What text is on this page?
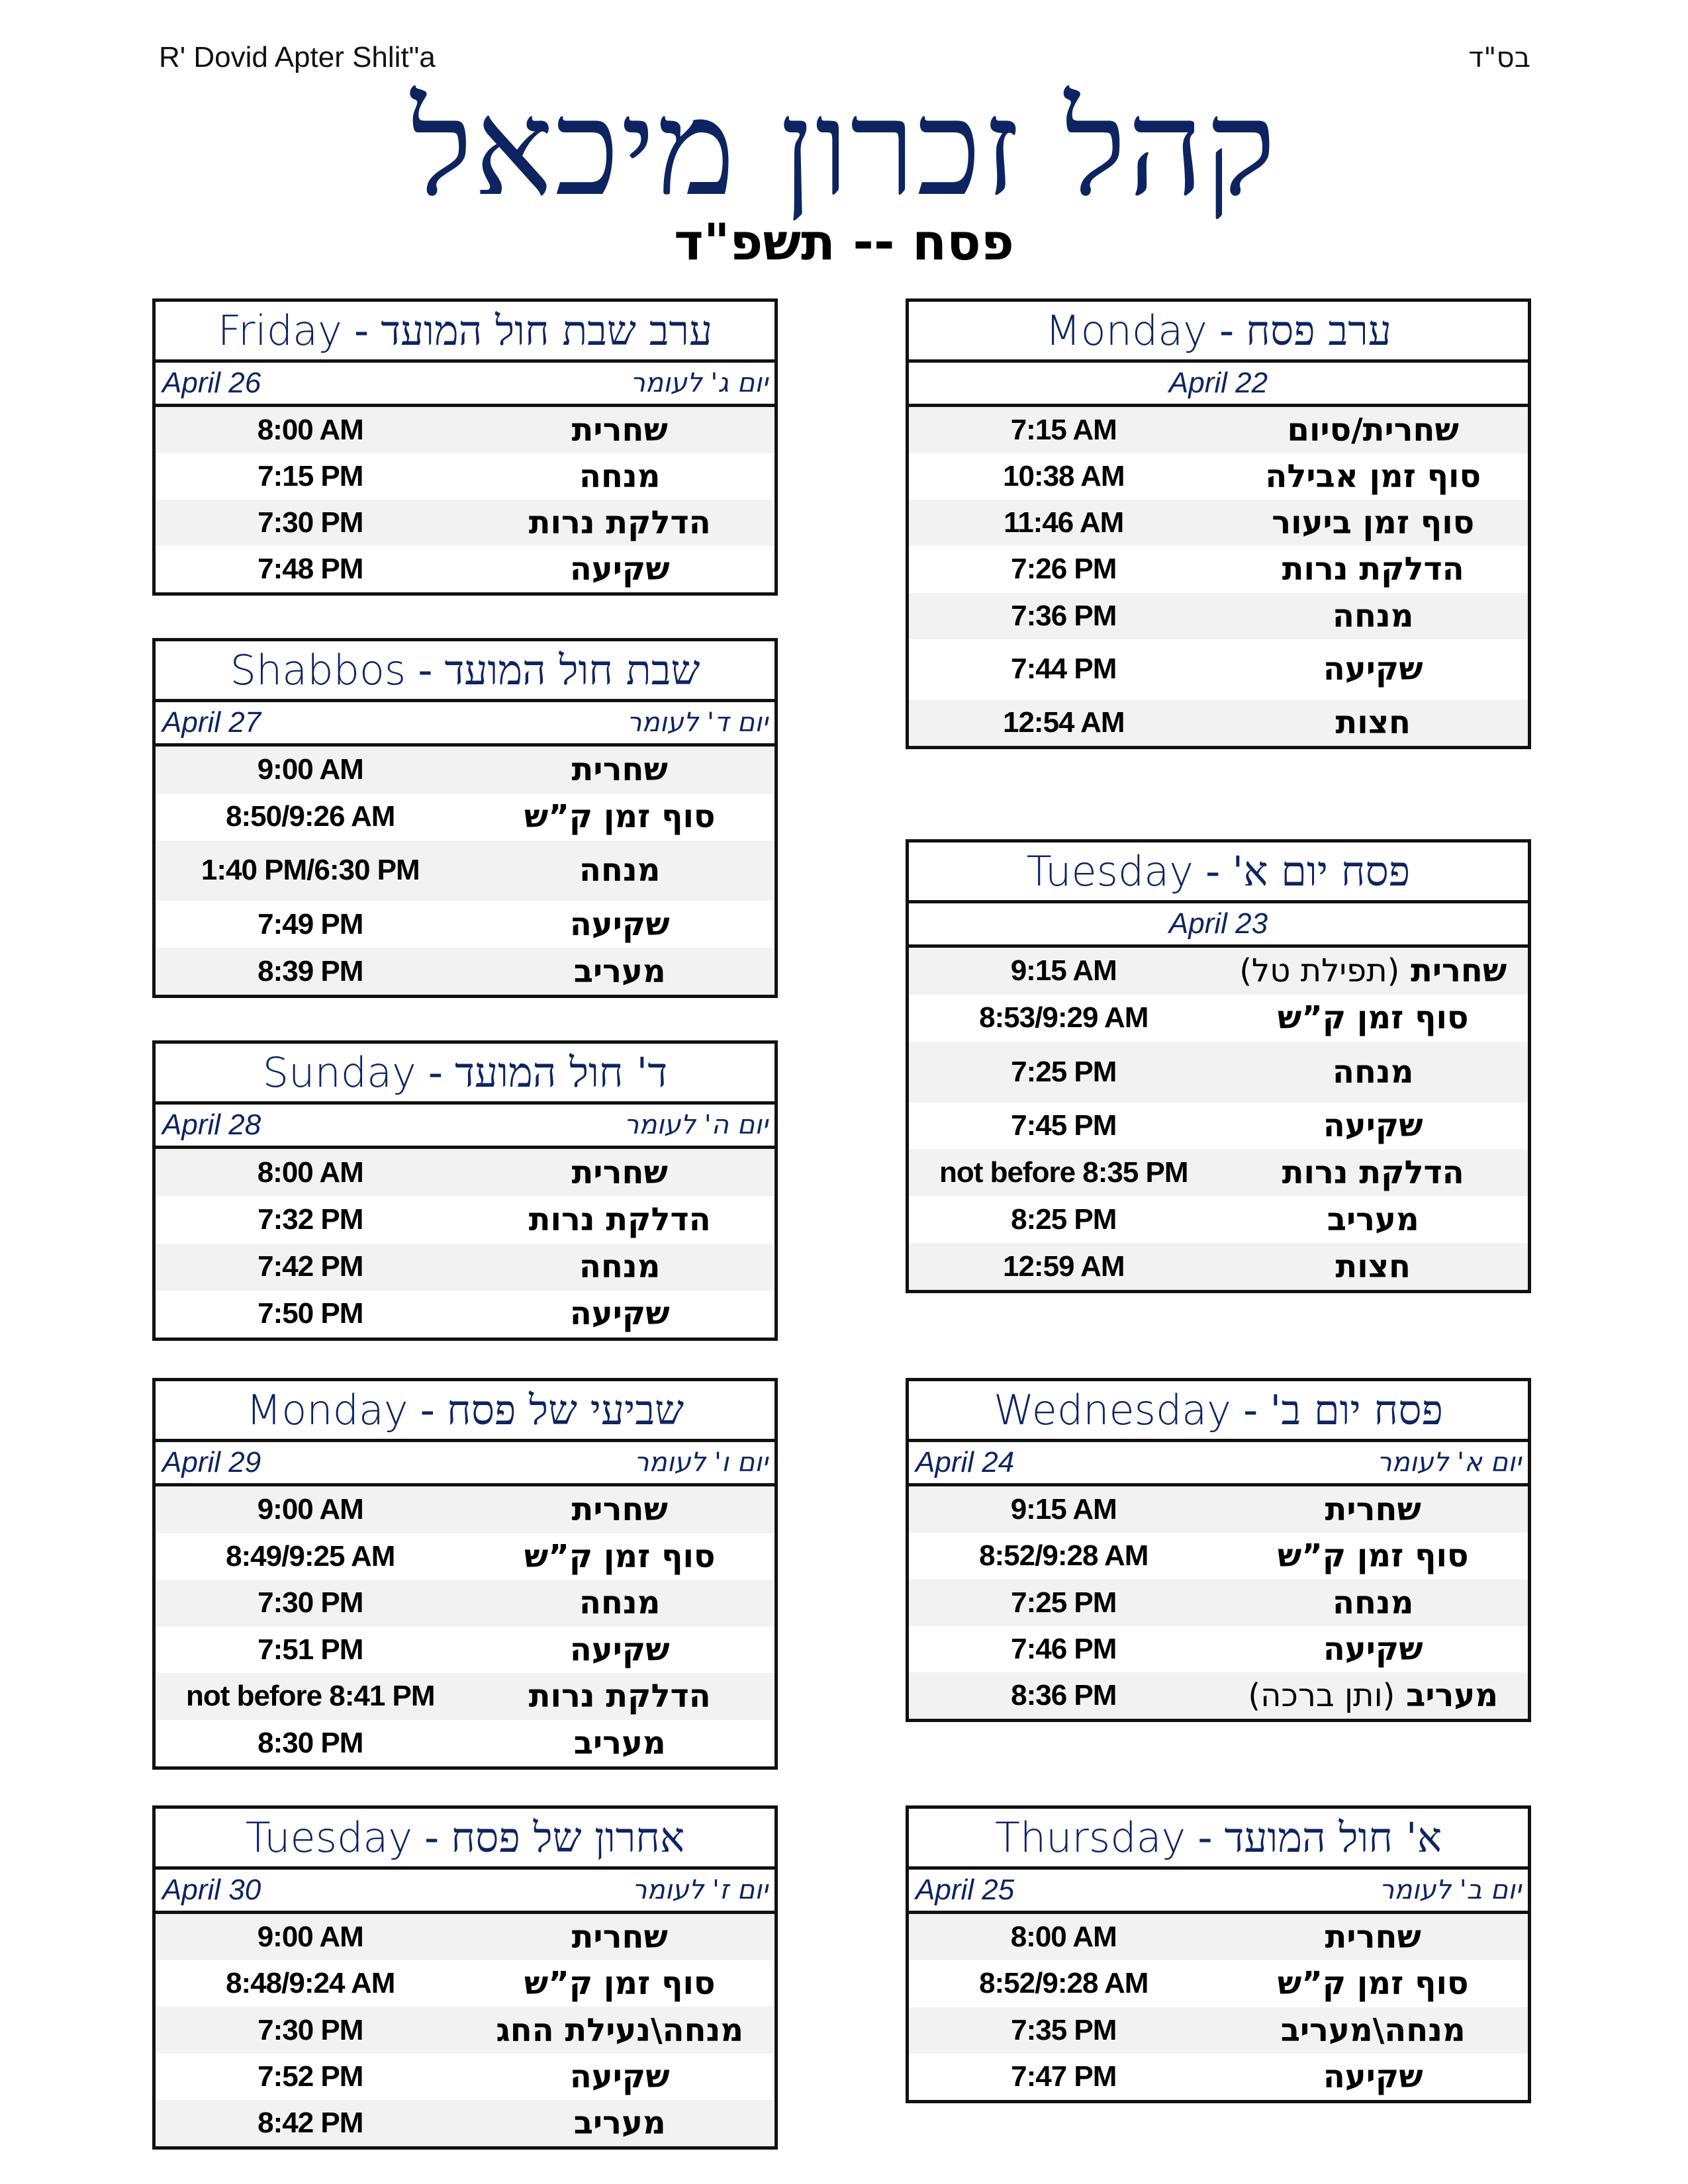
R' Dovid Apter Shlit"a	בס"ד
קהל זכרון מיכאל
פסח -- תשפ"ד
Friday - ערב שבת חול המועד
April 26	יום ג' לעומר
8:00 AM	שחרית
7:15 PM	מנחה
7:30 PM	הדלקת נרות
7:48 PM	שקיעה
Shabbos - שבת חול המועד
April 27	יום ד' לעומר
9:00 AM	שחרית
8:50/9:26 AM	סוף זמן ק”ש
1:40 PM/6:30 PM	מנחה
7:49 PM	שקיעה
8:39 PM	מעריב
Sunday - ד' חול המועד
April 28	יום ה' לעומר
8:00 AM	שחרית
7:32 PM	הדלקת נרות
7:42 PM	מנחה
7:50 PM	שקיעה
Monday - שביעי של פסח
April 29	יום ו' לעומר
9:00 AM	שחרית
8:49/9:25 AM	סוף זמן ק”ש
7:30 PM	מנחה
7:51 PM	שקיעה
not before 8:41 PM	הדלקת נרות
8:30 PM	מעריב
Tuesday - אחרון של פסח
April 30	יום ז' לעומר
9:00 AM	שחרית
8:48/9:24 AM	סוף זמן ק”ש
7:30 PM	מנחה\נעילת החג
7:52 PM	שקיעה
8:42 PM	מעריב
Monday - ערב פסח
April 22
7:15 AM	שחרית/סיום
10:38 AM	סוף זמן אבילה
11:46 AM	סוף זמן ביעור
7:26 PM	הדלקת נרות
7:36 PM	מנחה
7:44 PM	שקיעה
12:54 AM	חצות
Tuesday - פסח יום א'
April 23
9:15 AM	שחרית (תפילת טל)
8:53/9:29 AM	סוף זמן ק”ש
7:25 PM	מנחה
7:45 PM	שקיעה
not before 8:35 PM	הדלקת נרות
8:25 PM	מעריב
12:59 AM	חצות
Wednesday - פסח יום ב'
April 24	יום א' לעומר
9:15 AM	שחרית
8:52/9:28 AM	סוף זמן ק”ש
7:25 PM	מנחה
7:46 PM	שקיעה
8:36 PM	מעריב (ותן ברכה)
Thursday - א' חול המועד
April 25	יום ב' לעומר
8:00 AM	שחרית
8:52/9:28 AM	סוף זמן ק”ש
7:35 PM	מנחה\מעריב
7:47 PM	שקיעה
